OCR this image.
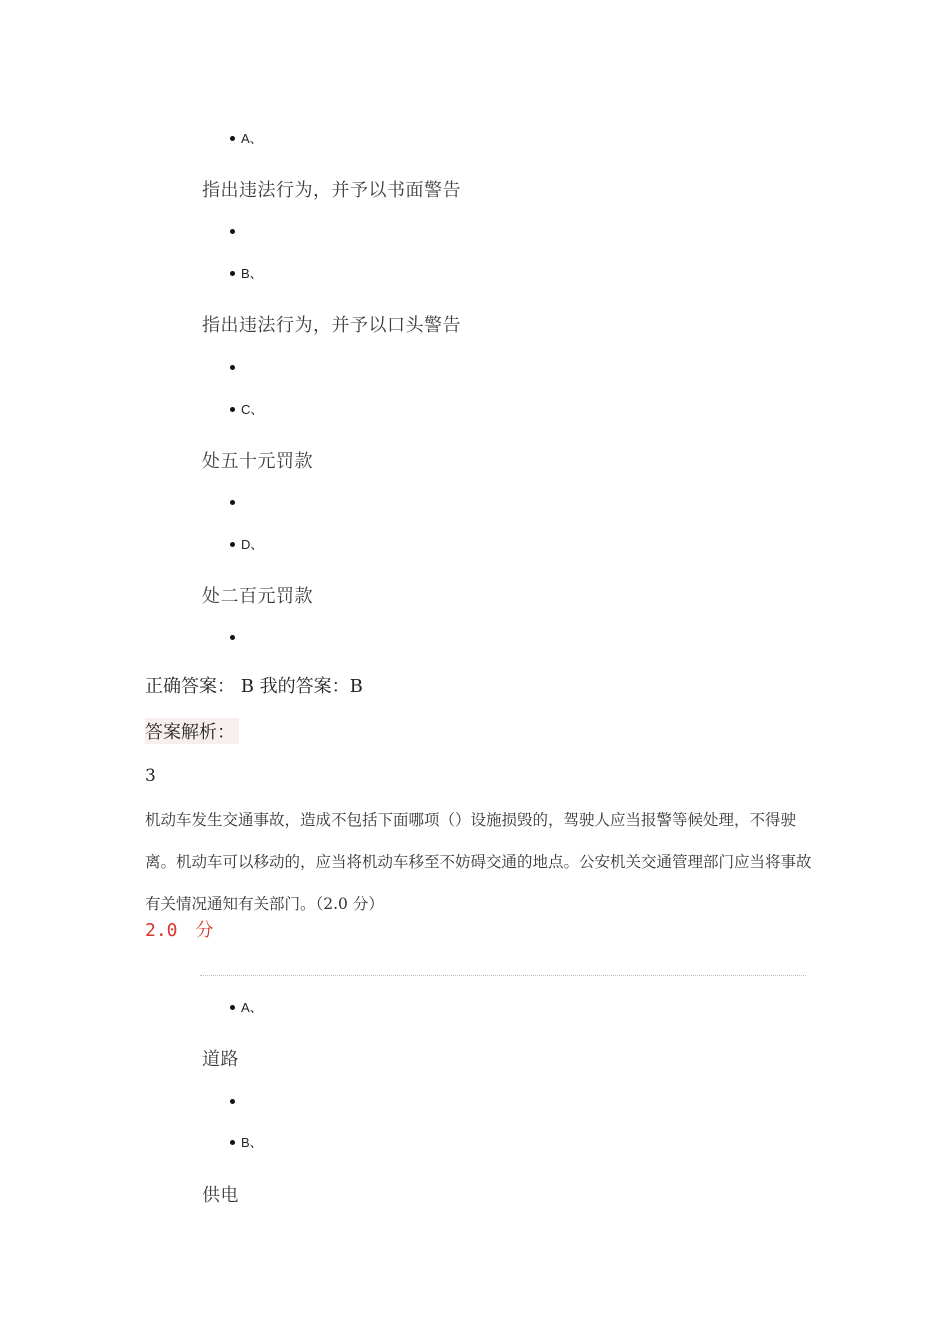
A、
指出违法行为，并予以书面警告
B、
指出违法行为，并予以口头警告
C、
处五十元罚款
D、
处二百元罚款
正确答案： B 我的答案：B
答案解析：
3
机动车发生交通事故，造成不包括下面哪项（）设施损毁的，驾驶人应当报警等候处理，不得驶离。机动车可以移动的，应当将机动车移至不妨碍交通的地点。公安机关交通管理部门应当将事故有关情况通知有关部门。（2.0 分）
2.0　分
A、
道路
B、
供电
